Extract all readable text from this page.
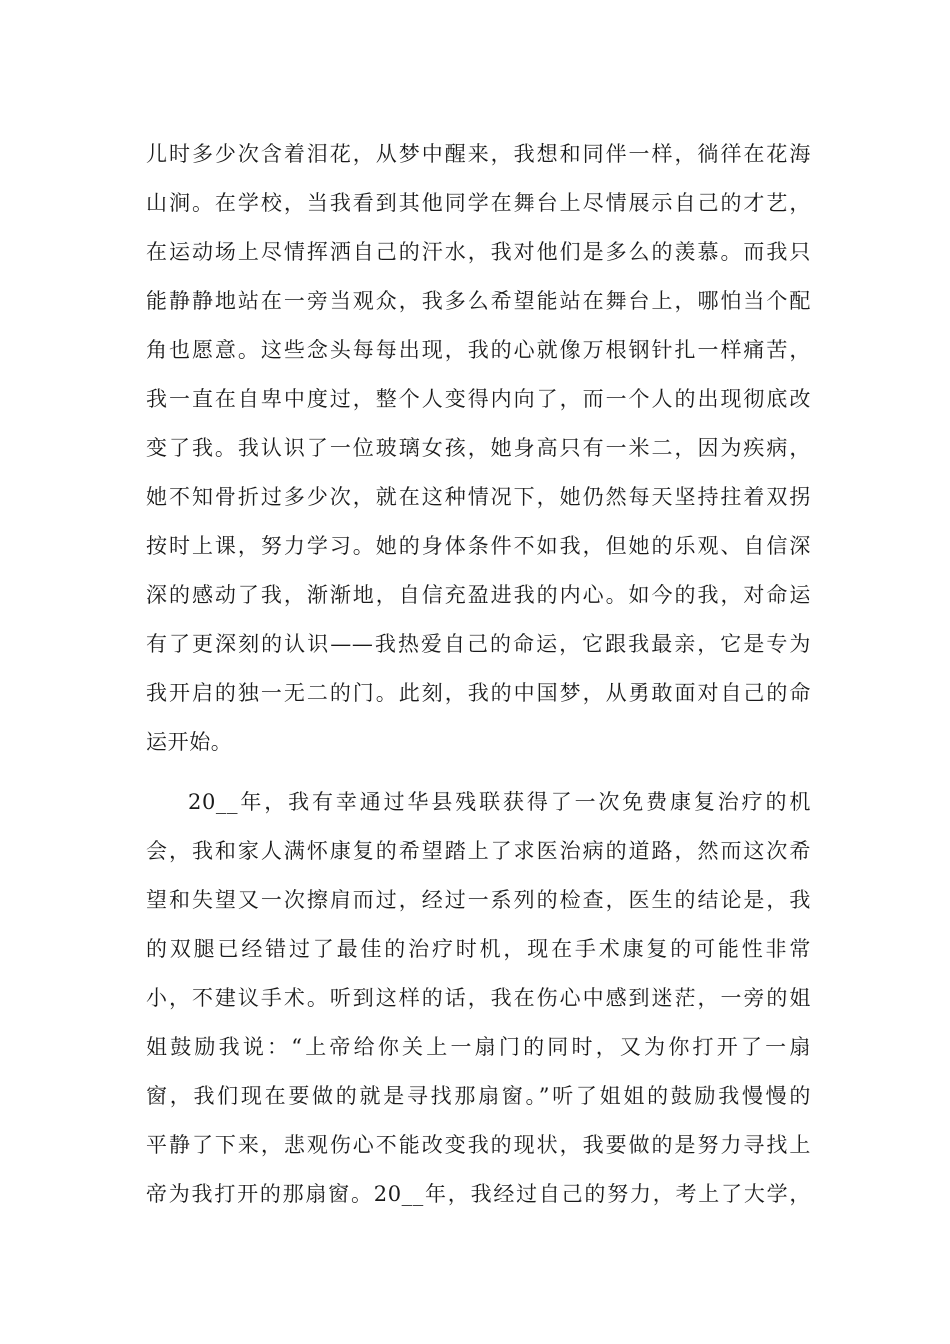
儿时多少次含着泪花，从梦中醒来，我想和同伴一样，徜徉在花海
山涧。在学校，当我看到其他同学在舞台上尽情展示自己的才艺，
在运动场上尽情挥洒自己的汗水，我对他们是多么的羡慕。而我只
能静静地站在一旁当观众，我多么希望能站在舞台上，哪怕当个配
角也愿意。这些念头每每出现，我的心就像万根钢针扎一样痛苦，
我一直在自卑中度过，整个人变得内向了，而一个人的出现彻底改
变了我。我认识了一位玻璃女孩，她身高只有一米二，因为疾病，
她不知骨折过多少次，就在这种情况下，她仍然每天坚持拄着双拐
按时上课，努力学习。她的身体条件不如我，但她的乐观、自信深
深的感动了我，渐渐地，自信充盈进我的内心。如今的我，对命运
有了更深刻的认识——我热爱自己的命运，它跟我最亲，它是专为
我开启的独一无二的门。此刻，我的中国梦，从勇敢面对自己的命
运开始。
20__年，我有幸通过华县残联获得了一次免费康复治疗的机
会，我和家人满怀康复的希望踏上了求医治病的道路，然而这次希
望和失望又一次擦肩而过，经过一系列的检查，医生的结论是，我
的双腿已经错过了最佳的治疗时机，现在手术康复的可能性非常
小，不建议手术。听到这样的话，我在伤心中感到迷茫，一旁的姐
姐鼓励我说：“上帝给你关上一扇门的同时，又为你打开了一扇
窗，我们现在要做的就是寻找那扇窗。”听了姐姐的鼓励我慢慢的
平静了下来，悲观伤心不能改变我的现状，我要做的是努力寻找上
帝为我打开的那扇窗。20__年，我经过自己的努力，考上了大学，
